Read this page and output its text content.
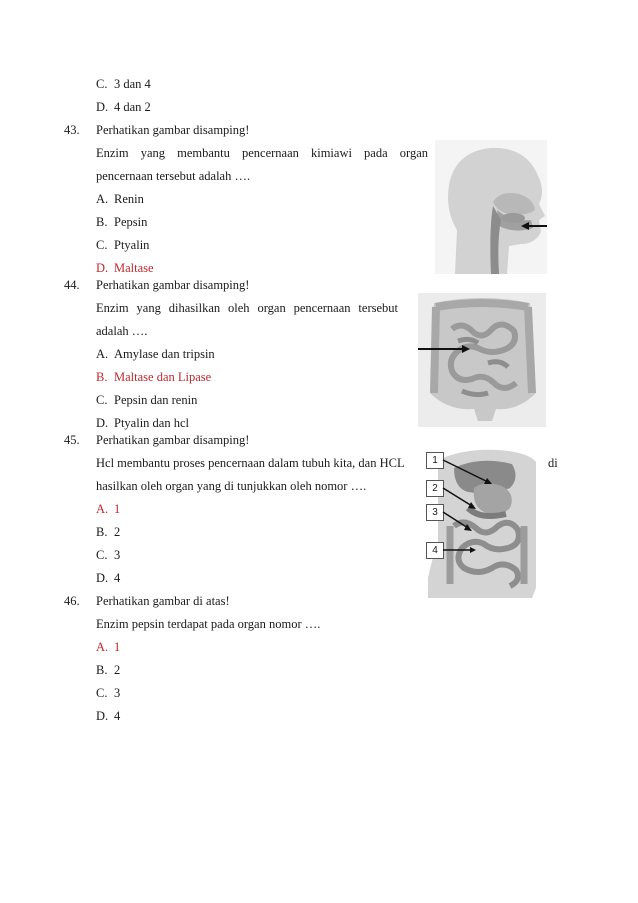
C. 3 dan 4
D. 4 dan 2
43. Perhatikan gambar disamping!
Enzim yang membantu pencernaan kimiawi pada organ
pencernaan tersebut adalah ….
A. Renin
B. Pepsin
C. Ptyalin
D. Maltase
44. Perhatikan gambar disamping!
Enzim yang dihasilkan oleh organ pencernaan tersebut
adalah ….
A. Amylase dan tripsin
B. Maltase dan Lipase
C. Pepsin dan renin
D. Ptyalin dan hcl
45. Perhatikan gambar disamping!
Hcl membantu proses pencernaan dalam tubuh kita, dan HCL	di
hasilkan oleh organ yang di tunjukkan oleh nomor ….
A. 1
B. 2
C. 3
D. 4
1
2
3
4
46. Perhatikan gambar di atas!
Enzim pepsin terdapat pada organ nomor ….
A. 1
B. 2
C. 3
D. 4
